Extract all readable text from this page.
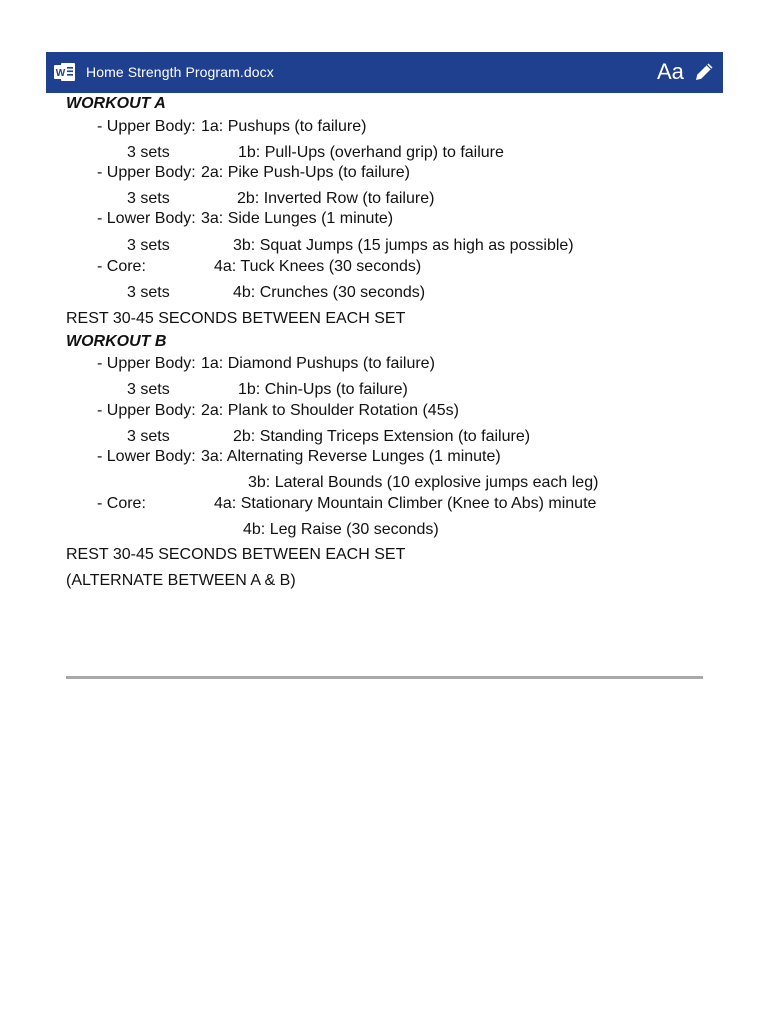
W Home Strength Program.docx	Aa
WORKOUT A
- Upper Body: 1a: Pushups (to failure)
3 sets	1b: Pull-Ups (overhand grip) to failure
- Upper Body: 2a: Pike Push-Ups (to failure)
3 sets	2b: Inverted Row (to failure)
- Lower Body: 3a: Side Lunges (1 minute)
3 sets	3b: Squat Jumps (15 jumps as high as possible)
- Core:	4a: Tuck Knees (30 seconds)
3 sets	4b: Crunches (30 seconds)
REST 30-45 SECONDS BETWEEN EACH SET
WORKOUT B
- Upper Body: 1a: Diamond Pushups (to failure)
3 sets	1b: Chin-Ups (to failure)
- Upper Body: 2a: Plank to Shoulder Rotation (45s)
3 sets	2b: Standing Triceps Extension (to failure)
- Lower Body: 3a: Alternating Reverse Lunges (1 minute)
3b: Lateral Bounds (10 explosive jumps each leg)
- Core:	4a: Stationary Mountain Climber (Knee to Abs) minute
4b: Leg Raise (30 seconds)
REST 30-45 SECONDS BETWEEN EACH SET
(ALTERNATE BETWEEN A & B)
